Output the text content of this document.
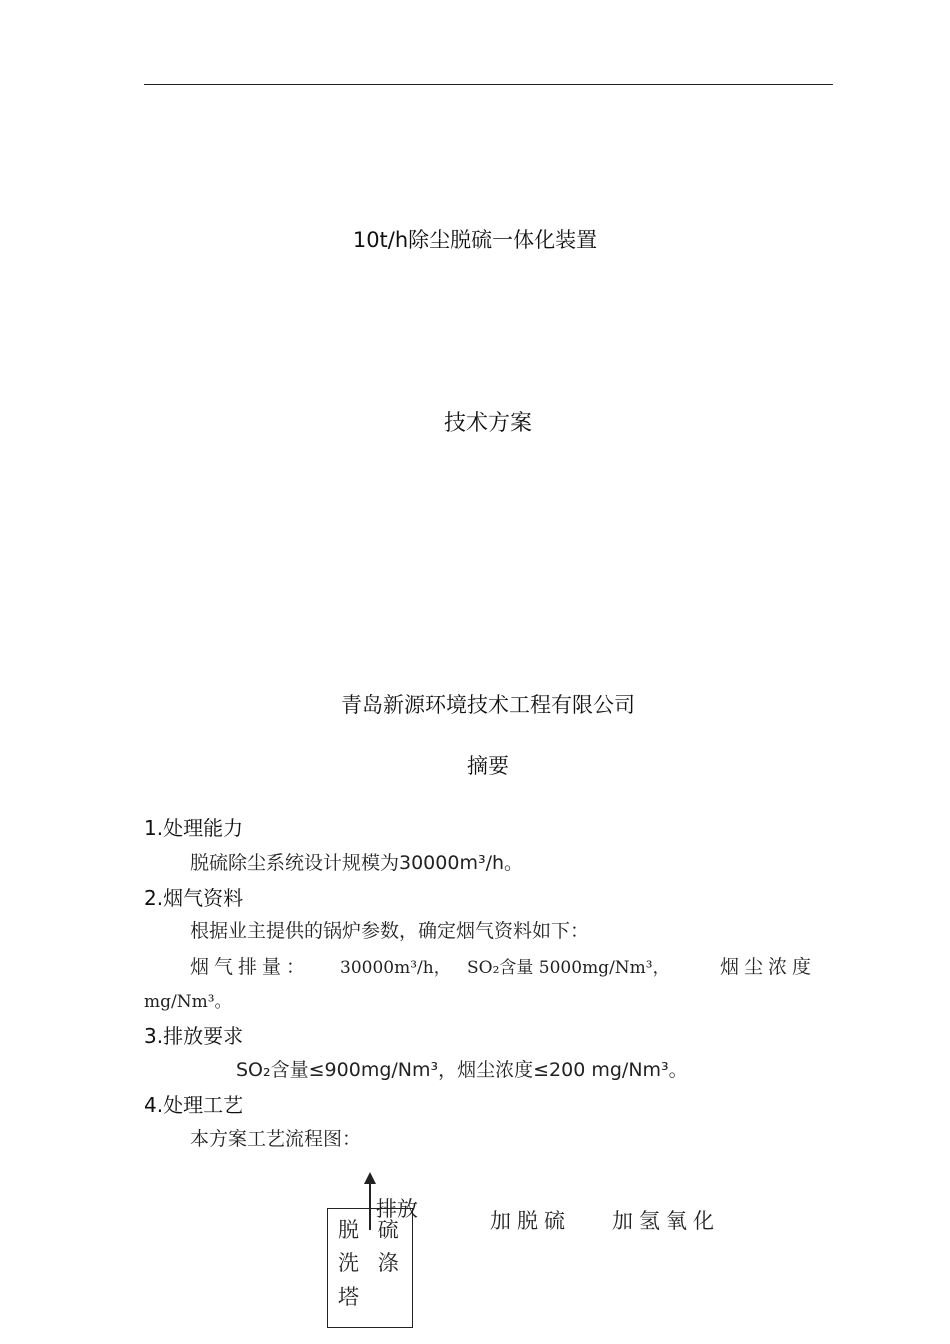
10t/h除尘脱硫一体化装置
技术方案
青岛新源环境技术工程有限公司
摘要
1.处理能力
脱硫除尘系统设计规模为30000m³/h。
2.烟气资料
根据业主提供的锅炉参数，确定烟气资料如下：
烟气排量： 30000m³/h， SO₂含量 5000mg/Nm³，	烟尘浓度
mg/Nm³。
3.排放要求
SO₂含量≤900mg/Nm³，烟尘浓度≤200 mg/Nm³。
4.处理工艺
本方案工艺流程图：
排放
脱 硫
洗 涤
塔
加脱硫 加氢氧化
